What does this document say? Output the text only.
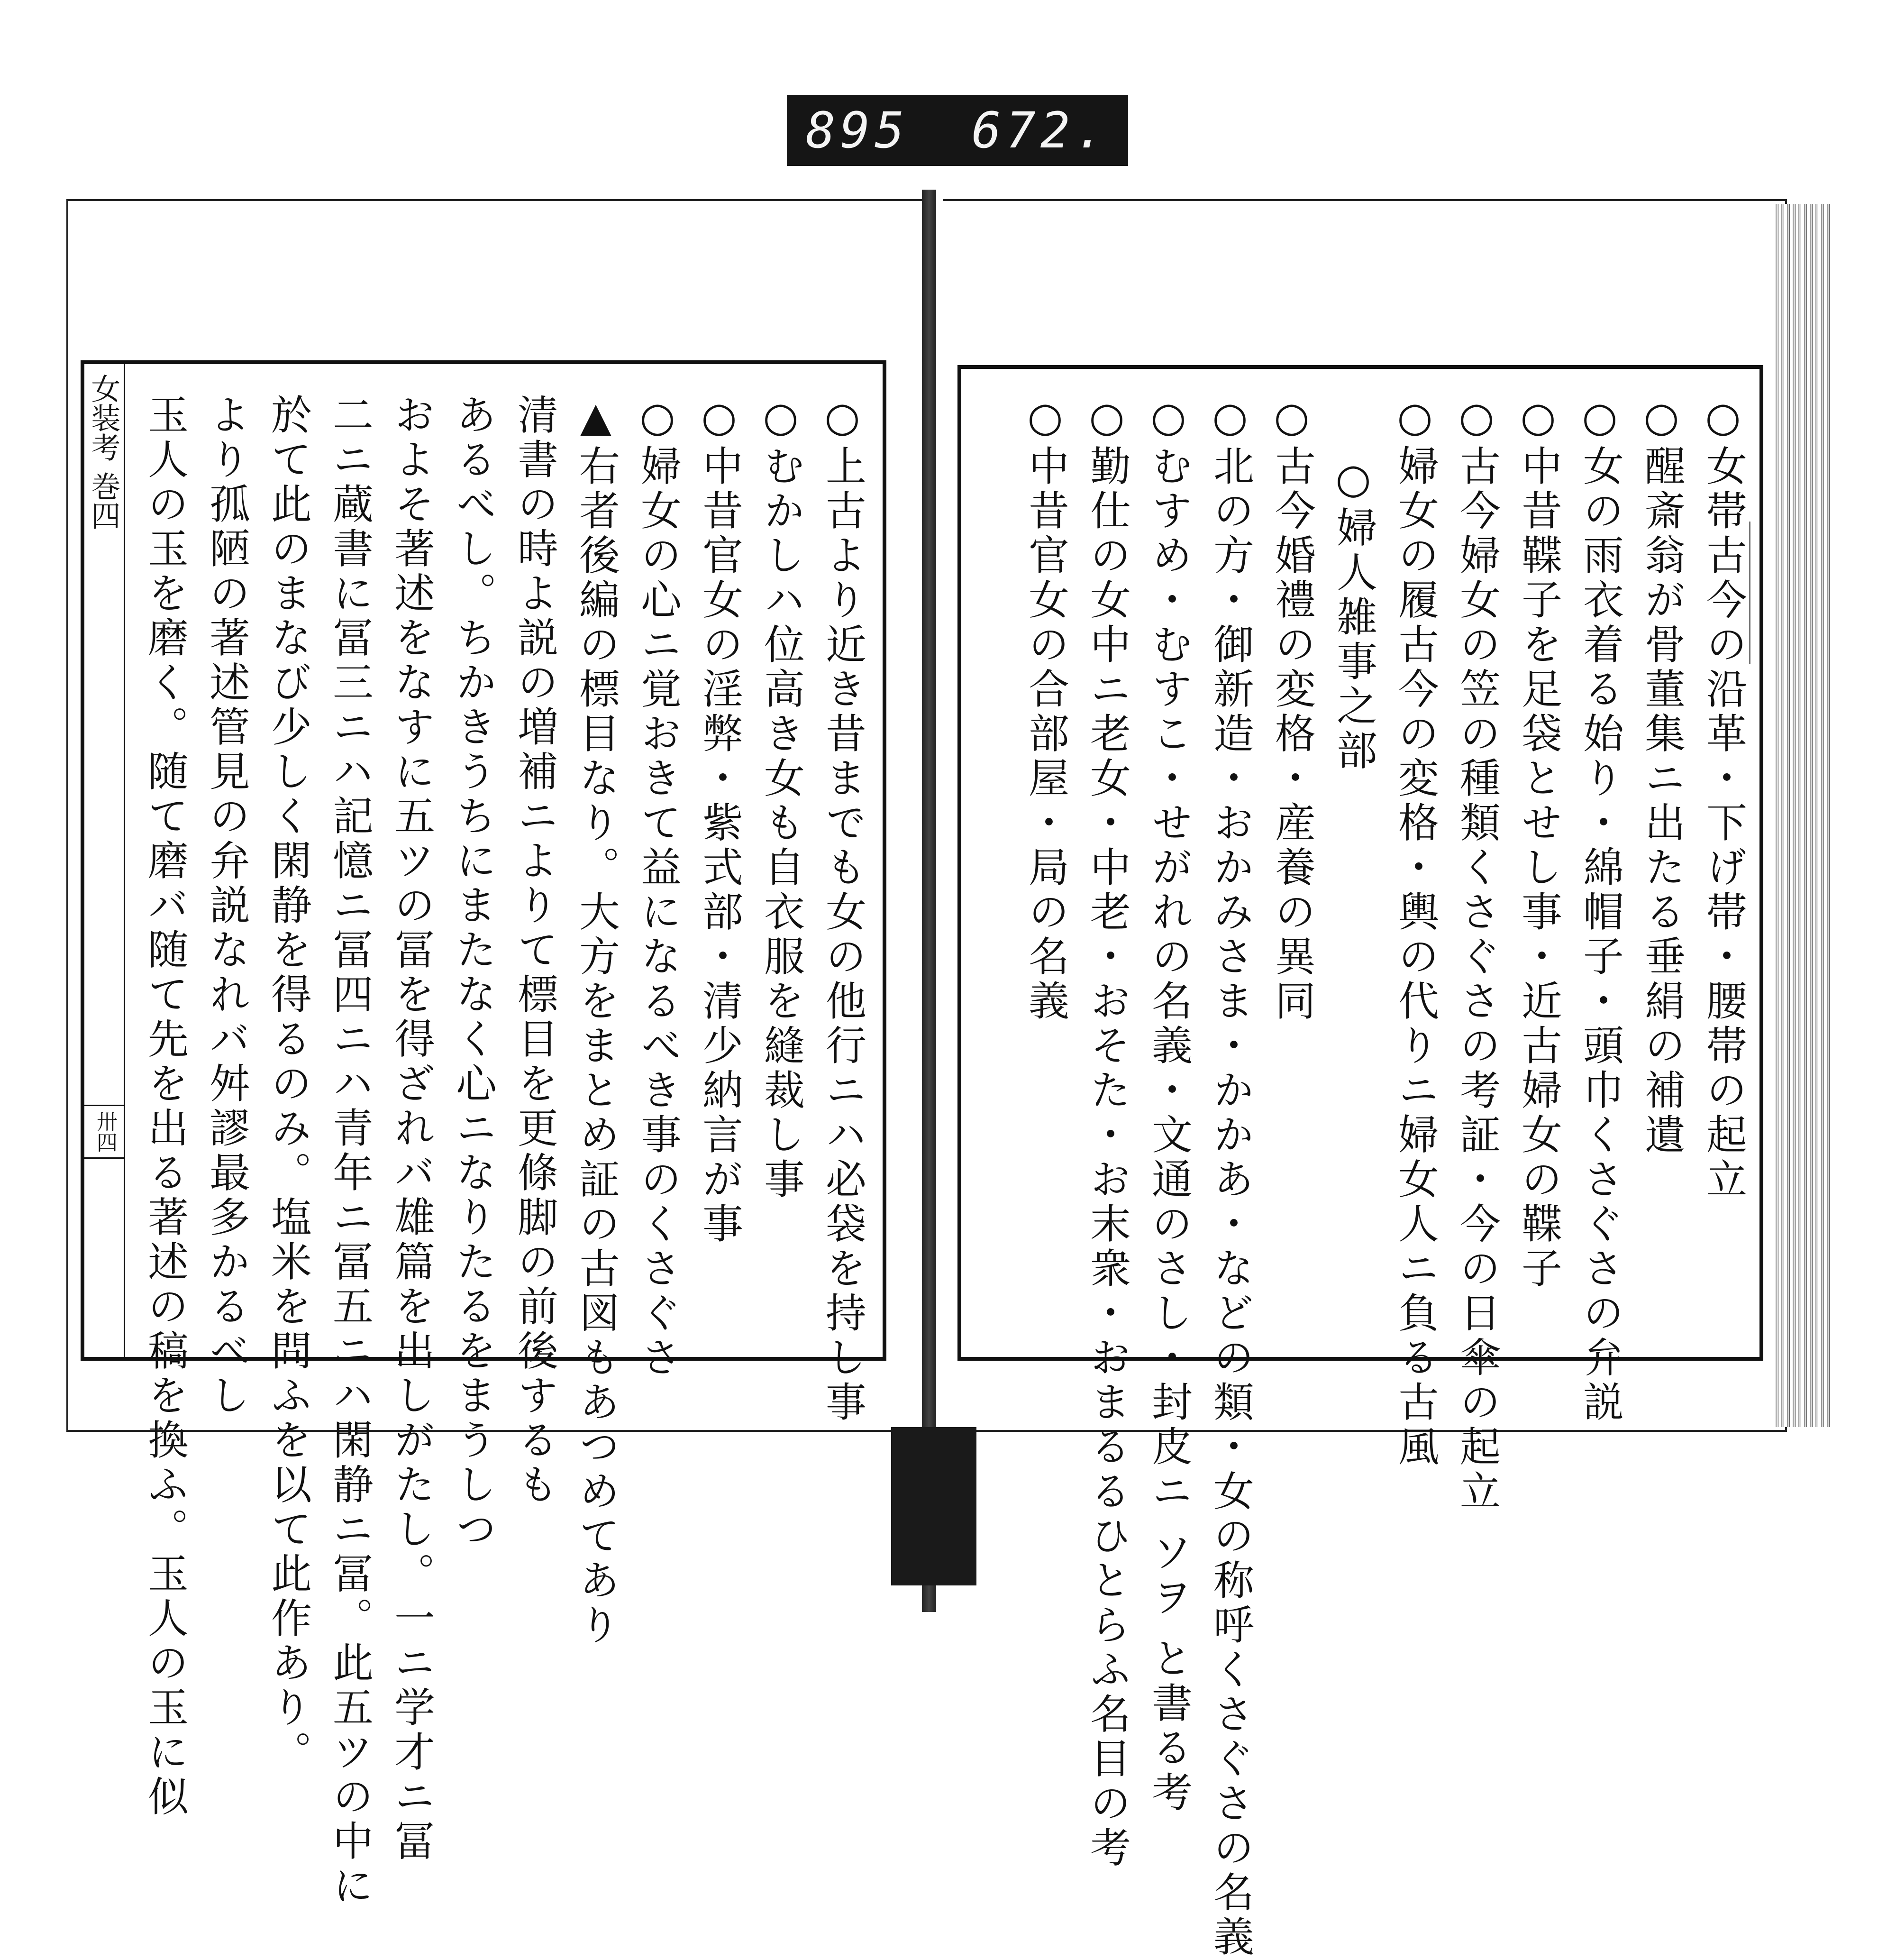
895 672.
女装考 巻四
卅四	○上古より近き昔までも女の他行ニハ必袋を持し事
○むかしハ位高き女も自衣服を縫裁し事
○中昔官女の淫弊・紫式部・清少納言が事
○婦女の心ニ覚おきて益になるべき事のくさぐさ
▲右者後編の標目なり。大方をまとめ証の古図もあつめてあり
清書の時よ説の増補ニよりて標目を更條脚の前後するも
あるべし。ちかきうちにまたなく心ニなりたるをまうしつ
およそ著述をなすに五ツの冨を得ざれバ雄篇を出しがたし。一ニ学才ニ冨
二ニ蔵書に冨三ニハ記憶ニ冨四ニハ青年ニ冨五ニハ閑静ニ冨。此五ツの中に
於て此のまなび少しく閑静を得るのみ。塩米を問ふを以て此作あり。
より孤陋の著述管見の弁説なれバ舛謬最多かるべし
玉人の玉を磨く。随て磨バ随て先を出る著述の稿を換ふ。玉人の玉に似	○女帯古今の沿革・下げ帯・腰帯の起立
○醒斎翁が骨董集ニ出たる垂絹の補遺
○女の雨衣着る始り・綿帽子・頭巾くさぐさの弁説
○中昔鞢子を足袋とせし事・近古婦女の鞢子
○古今婦女の笠の種類くさぐさの考証・今の日傘の起立
○婦女の履古今の変格・輿の代りニ婦女人ニ負る古風
○婦人雑事之部
○古今婚禮の変格・産養の異同
○北の方・御新造・おかみさま・かかあ・などの類・女の称呼くさぐさの名義
○むすめ・むすこ・せがれの名義・文通のさし・封皮ニ ソヲ と書る考
○勤仕の女中ニ老女・中老・おそた・お末衆・おまるるひとらふ名目の考
○中昔官女の合部屋・局の名義
